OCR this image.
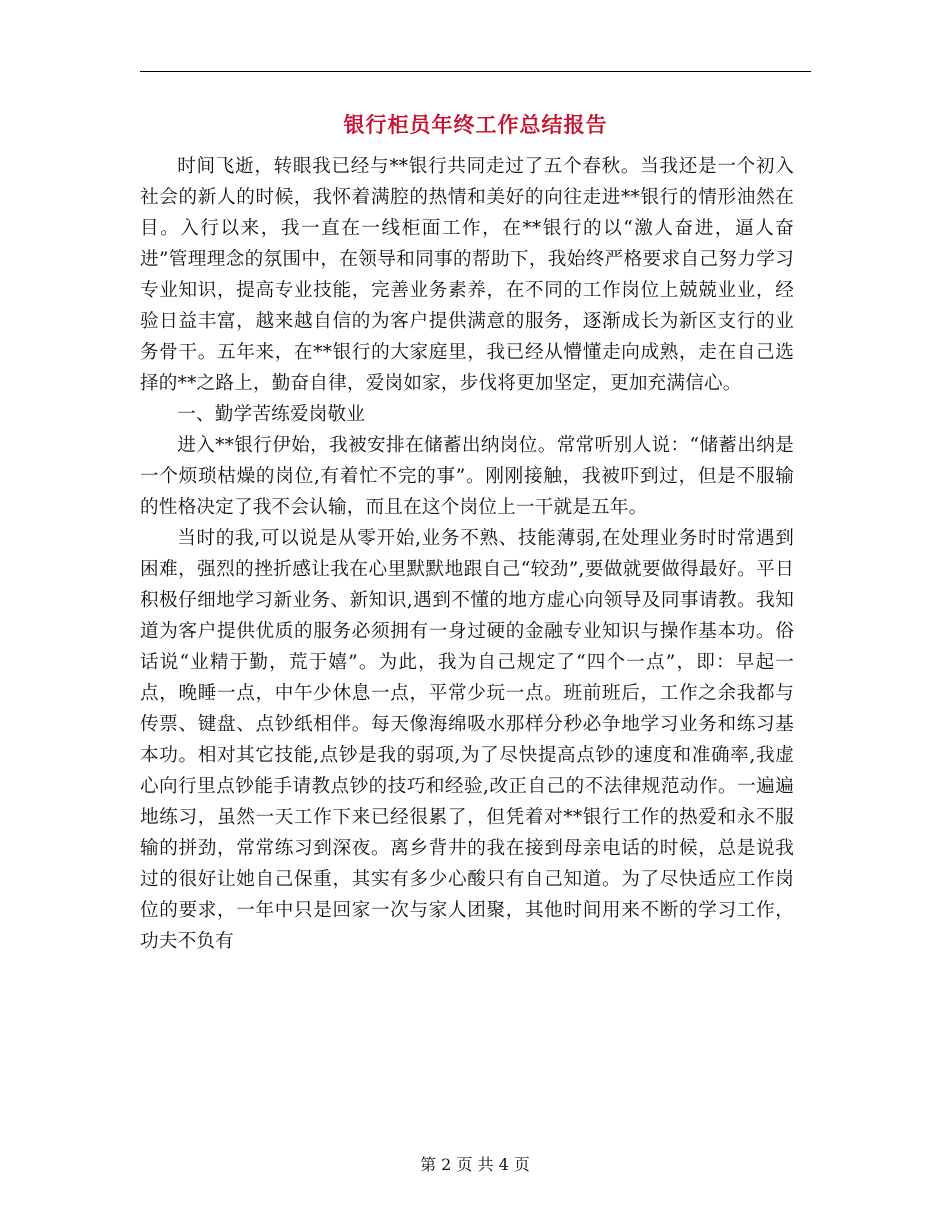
银行柜员年终工作总结报告

时间飞逝，转眼我已经与**银行共同走过了五个春秋。当我还是一个初入社会的新人的时候，我怀着满腔的热情和美好的向往走进**银行的情形油然在目。入行以来，我一直在一线柜面工作，在**银行的以“激人奋进，逼人奋进”管理理念的氛围中，在领导和同事的帮助下，我始终严格要求自己努力学习专业知识，提高专业技能，完善业务素养，在不同的工作岗位上兢兢业业，经验日益丰富，越来越自信的为客户提供满意的服务，逐渐成长为新区支行的业务骨干。五年来，在**银行的大家庭里，我已经从懵懂走向成熟，走在自己选择的**之路上，勤奋自律，爱岗如家，步伐将更加坚定，更加充满信心。

一、勤学苦练爱岗敬业

进入**银行伊始，我被安排在储蓄出纳岗位。常常听别人说：“储蓄出纳是一个烦琐枯燥的岗位,有着忙不完的事”。刚刚接触，我被吓到过，但是不服输的性格决定了我不会认输，而且在这个岗位上一干就是五年。

当时的我,可以说是从零开始,业务不熟、技能薄弱,在处理业务时时常遇到困难，强烈的挫折感让我在心里默默地跟自己“较劲”,要做就要做得最好。平日积极仔细地学习新业务、新知识,遇到不懂的地方虚心向领导及同事请教。我知道为客户提供优质的服务必须拥有一身过硬的金融专业知识与操作基本功。俗话说“业精于勤，荒于嬉”。为此，我为自己规定了“四个一点”，即：早起一点，晚睡一点，中午少休息一点，平常少玩一点。班前班后，工作之余我都与传票、键盘、点钞纸相伴。每天像海绵吸水那样分秒必争地学习业务和练习基本功。相对其它技能,点钞是我的弱项,为了尽快提高点钞的速度和准确率,我虚心向行里点钞能手请教点钞的技巧和经验,改正自己的不法律规范动作。一遍遍地练习，虽然一天工作下来已经很累了，但凭着对**银行工作的热爱和永不服输的拼劲，常常练习到深夜。离乡背井的我在接到母亲电话的时候，总是说我过的很好让她自己保重，其实有多少心酸只有自己知道。为了尽快适应工作岗位的要求，一年中只是回家一次与家人团聚，其他时间用来不断的学习工作，功夫不负有

第 2 页 共 4 页
